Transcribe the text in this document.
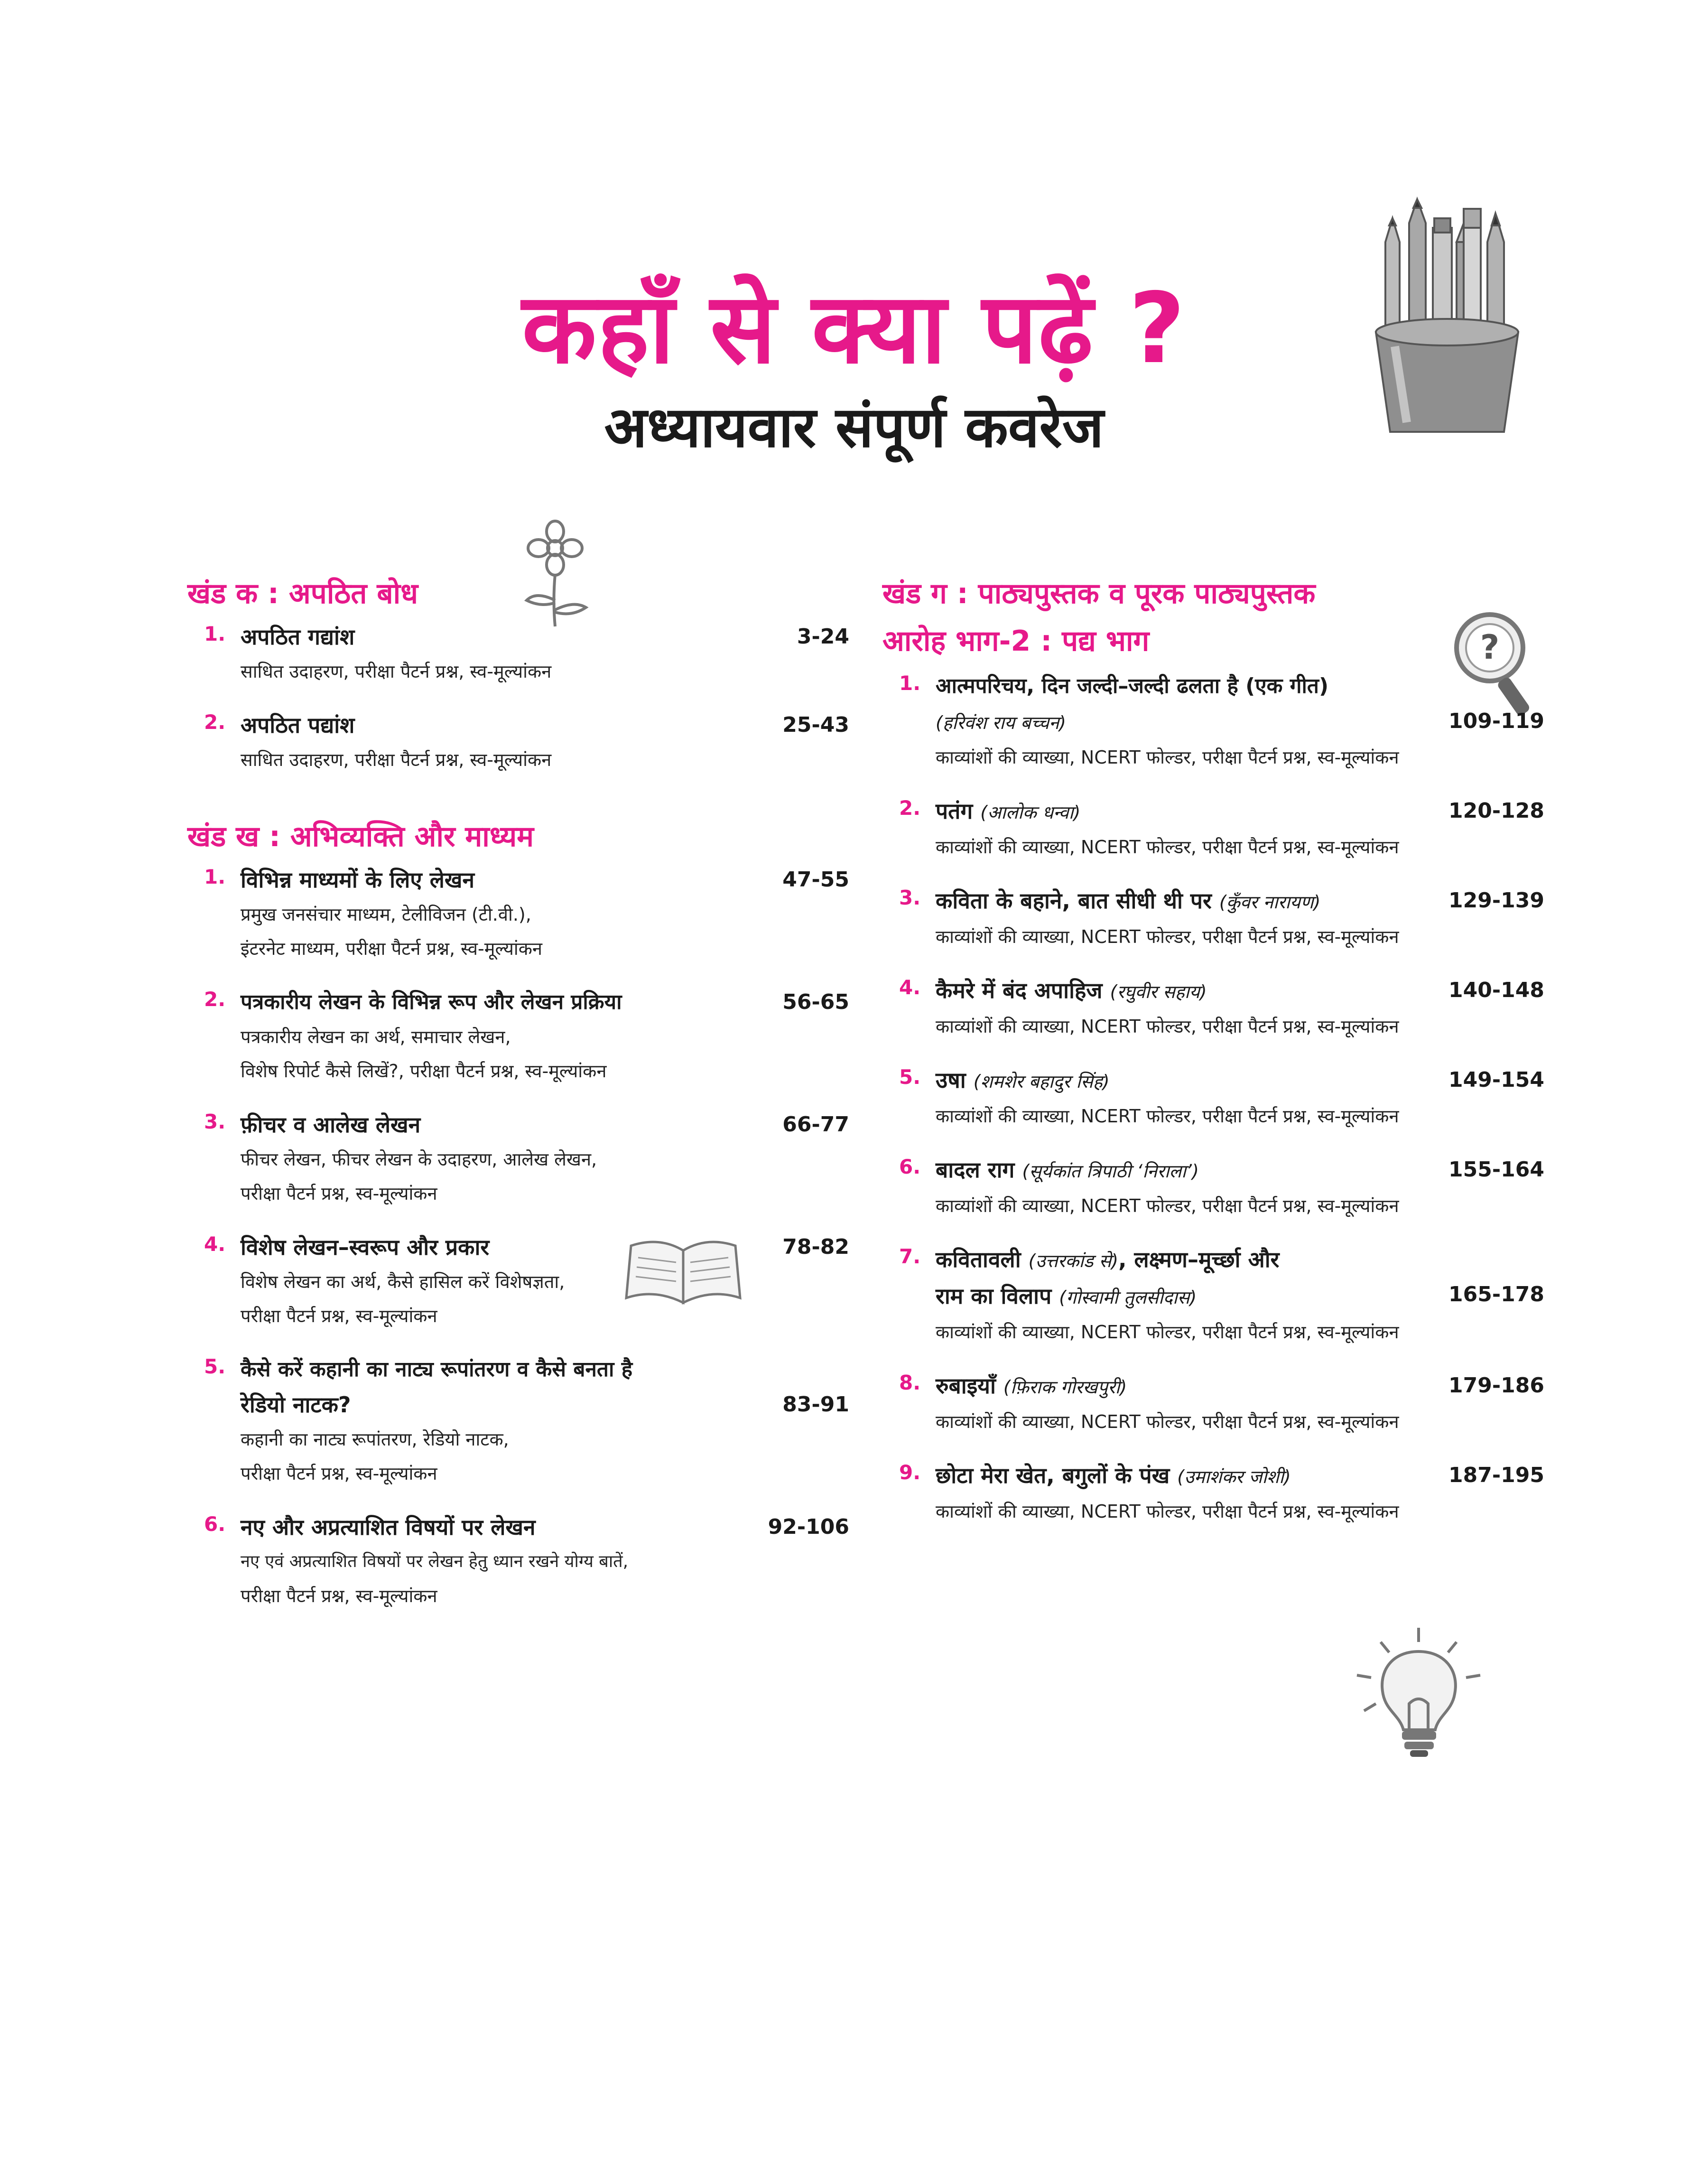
कहाँ से क्या पढ़ें ?
अध्यायवार संपूर्ण कवरेज
?
खंड क : अपठित बोध
1.	3-24
अपठित गद्यांश
साधित उदाहरण, परीक्षा पैटर्न प्रश्न, स्व-मूल्यांकन
2.	25-43
अपठित पद्यांश
साधित उदाहरण, परीक्षा पैटर्न प्रश्न, स्व-मूल्यांकन
खंड ख : अभिव्यक्ति और माध्यम
1.	47-55
विभिन्न माध्यमों के लिए लेखन
प्रमुख जनसंचार माध्यम, टेलीविजन (टी.वी.),
इंटरनेट माध्यम, परीक्षा पैटर्न प्रश्न, स्व-मूल्यांकन
2.	56-65
पत्रकारीय लेखन के विभिन्न रूप और लेखन प्रक्रिया
पत्रकारीय लेखन का अर्थ, समाचार लेखन,
विशेष रिपोर्ट कैसे लिखें?, परीक्षा पैटर्न प्रश्न, स्व-मूल्यांकन
3.	66-77
फ़ीचर व आलेख लेखन
फीचर लेखन, फीचर लेखन के उदाहरण, आलेख लेखन,
परीक्षा पैटर्न प्रश्न, स्व-मूल्यांकन
4.	78-82
विशेष लेखन–स्वरूप और प्रकार
विशेष लेखन का अर्थ, कैसे हासिल करें विशेषज्ञता,
परीक्षा पैटर्न प्रश्न, स्व-मूल्यांकन
5.
83-91
कैसे करें कहानी का नाट्य रूपांतरण व कैसे बनता है
रेडियो नाटक?
कहानी का नाट्य रूपांतरण, रेडियो नाटक,
परीक्षा पैटर्न प्रश्न, स्व-मूल्यांकन
6.	92-106
नए और अप्रत्याशित विषयों पर लेखन
नए एवं अप्रत्याशित विषयों पर लेखन हेतु ध्यान रखने योग्य बातें,
परीक्षा पैटर्न प्रश्न, स्व-मूल्यांकन
खंड ग : पाठ्यपुस्तक व पूरक पाठ्यपुस्तक
आरोह भाग-2 : पद्य भाग
1. आत्मपरिचय, दिन जल्दी–जल्दी ढलता है (एक गीत)
109-119
(हरिवंश राय बच्चन)
काव्यांशों की व्याख्या, NCERT फोल्डर, परीक्षा पैटर्न प्रश्न, स्व-मूल्यांकन
2.	120-128
पतंग (आलोक धन्वा)
काव्यांशों की व्याख्या, NCERT फोल्डर, परीक्षा पैटर्न प्रश्न, स्व-मूल्यांकन
3.	129-139
कविता के बहाने, बात सीधी थी पर (कुँवर नारायण)
काव्यांशों की व्याख्या, NCERT फोल्डर, परीक्षा पैटर्न प्रश्न, स्व-मूल्यांकन
4.	140-148
कैमरे में बंद अपाहिज (रघुवीर सहाय)
काव्यांशों की व्याख्या, NCERT फोल्डर, परीक्षा पैटर्न प्रश्न, स्व-मूल्यांकन
5.	149-154
उषा (शमशेर बहादुर सिंह)
काव्यांशों की व्याख्या, NCERT फोल्डर, परीक्षा पैटर्न प्रश्न, स्व-मूल्यांकन
6.	155-164
बादल राग (सूर्यकांत त्रिपाठी ‘निराला’)
काव्यांशों की व्याख्या, NCERT फोल्डर, परीक्षा पैटर्न प्रश्न, स्व-मूल्यांकन
7. कवितावली (उत्तरकांड से), लक्ष्मण–मूर्च्छा और
165-178
राम का विलाप (गोस्वामी तुलसीदास)
काव्यांशों की व्याख्या, NCERT फोल्डर, परीक्षा पैटर्न प्रश्न, स्व-मूल्यांकन
8.	179-186
रुबाइयाँ (फ़िराक गोरखपुरी)
काव्यांशों की व्याख्या, NCERT फोल्डर, परीक्षा पैटर्न प्रश्न, स्व-मूल्यांकन
9.	187-195
छोटा मेरा खेत, बगुलों के पंख (उमाशंकर जोशी)
काव्यांशों की व्याख्या, NCERT फोल्डर, परीक्षा पैटर्न प्रश्न, स्व-मूल्यांकन
